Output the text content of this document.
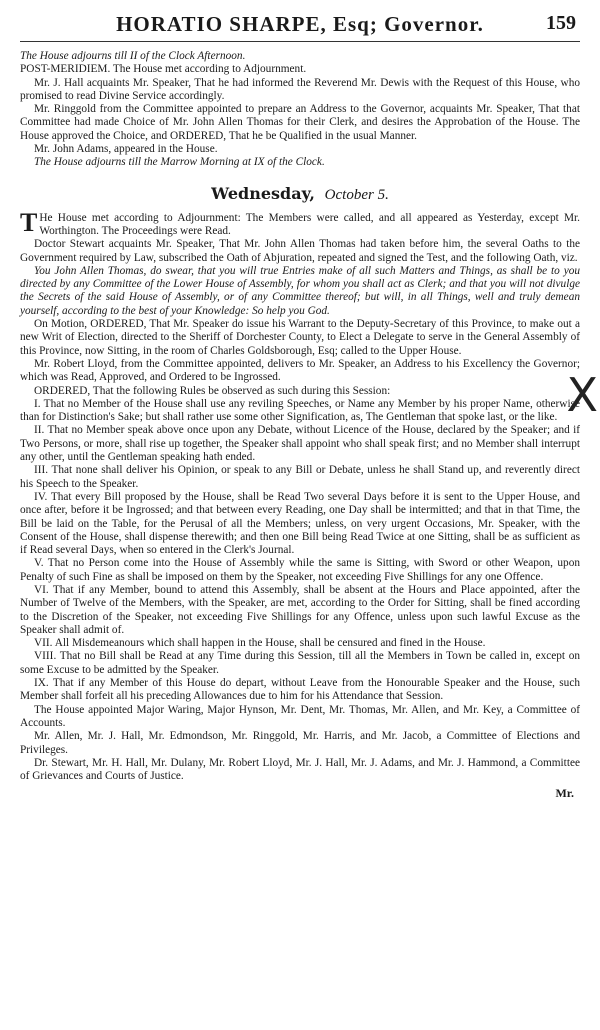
HORATIO SHARPE, Esq; Governor.	159

The House adjourns till II of the Clock Afternoon.

POST-MERIDIEM. The House met according to Adjournment.

Mr. J. Hall acquaints Mr. Speaker, That he had informed the Reverend Mr. Dewis with the Request of this House, who promised to read Divine Service accordingly.

Mr. Ringgold from the Committee appointed to prepare an Address to the Governor, acquaints Mr. Speaker, That that Committee had made Choice of Mr. John Allen Thomas for their Clerk, and desires the Approbation of the House. The House approved the Choice, and ORDERED, That he be Qualified in the usual Manner.

Mr. John Adams, appeared in the House.

The House adjourns till the Marrow Morning at IX of the Clock.

Wednesday, October 5.

THe House met according to Adjournment: The Members were called, and all appeared as Yesterday, except Mr. Worthington. The Proceedings were Read.

Doctor Stewart acquaints Mr. Speaker, That Mr. John Allen Thomas had taken before him, the several Oaths to the Government required by Law, subscribed the Oath of Abjuration, repeated and signed the Test, and the following Oath, viz.

You John Allen Thomas, do swear, that you will true Entries make of all such Matters and Things, as shall be to you directed by any Committee of the Lower House of Assembly, for whom you shall act as Clerk; and that you will not divulge the Secrets of the said House of Assembly, or of any Committee thereof; but will, in all Things, well and truly demean yourself, according to the best of your Knowledge: So help you God.

On Motion, ORDERED, That Mr. Speaker do issue his Warrant to the Deputy-Secretary of this Province, to make out a new Writ of Election, directed to the Sheriff of Dorchester County, to Elect a Delegate to serve in the General Assembly of this Province, now Sitting, in the room of Charles Goldsborough, Esq; called to the Upper House.

Mr. Robert Lloyd, from the Committee appointed, delivers to Mr. Speaker, an Address to his Excellency the Governor; which was Read, Approved, and Ordered to be Ingrossed.

ORDERED, That the following Rules be observed as such during this Session:

I. That no Member of the House shall use any reviling Speeches, or Name any Member by his proper Name, otherwise than for Distinction's Sake; but shall rather use some other Signification, as, The Gentleman that spoke last, or the like.

II. That no Member speak above once upon any Debate, without Licence of the House, declared by the Speaker; and if Two Persons, or more, shall rise up together, the Speaker shall appoint who shall speak first; and no Member shall interrupt any other, until the Gentleman speaking hath ended.

III. That none shall deliver his Opinion, or speak to any Bill or Debate, unless he shall Stand up, and reverently direct his Speech to the Speaker.

IV. That every Bill proposed by the House, shall be Read Two several Days before it is sent to the Upper House, and once after, before it be Ingrossed; and that between every Reading, one Day shall be intermitted; and that in that Time, the Bill be laid on the Table, for the Perusal of all the Members; unless, on very urgent Occasions, Mr. Speaker, with the Consent of the House, shall dispense therewith; and then one Bill being Read Twice at one Sitting, shall be as sufficient as if Read several Days, when so entered in the Clerk's Journal.

V. That no Person come into the House of Assembly while the same is Sitting, with Sword or other Weapon, upon Penalty of such Fine as shall be imposed on them by the Speaker, not exceeding Five Shillings for any one Offence.

VI. That if any Member, bound to attend this Assembly, shall be absent at the Hours and Place appointed, after the Number of Twelve of the Members, with the Speaker, are met, according to the Order for Sitting, shall be fined according to the Discretion of the Speaker, not exceeding Five Shillings for any Offence, unless upon such lawful Excuse as the Speaker shall admit of.

VII. All Misdemeanours which shall happen in the House, shall be censured and fined in the House.

VIII. That no Bill shall be Read at any Time during this Session, till all the Members in Town be called in, except on some Excuse to be admitted by the Speaker.

IX. That if any Member of this House do depart, without Leave from the Honourable Speaker and the House, such Member shall forfeit all his preceding Allowances due to him for his Attendance that Session.

The House appointed Major Waring, Major Hynson, Mr. Dent, Mr. Thomas, Mr. Allen, and Mr. Key, a Committee of Accounts.

Mr. Allen, Mr. J. Hall, Mr. Edmondson, Mr. Ringgold, Mr. Harris, and Mr. Jacob, a Committee of Elections and Privileges.

Dr. Stewart, Mr. H. Hall, Mr. Dulany, Mr. Robert Lloyd, Mr. J. Hall, Mr. J. Adams, and Mr. J. Hammond, a Committee of Grievances and Courts of Justice.

Mr.
X
